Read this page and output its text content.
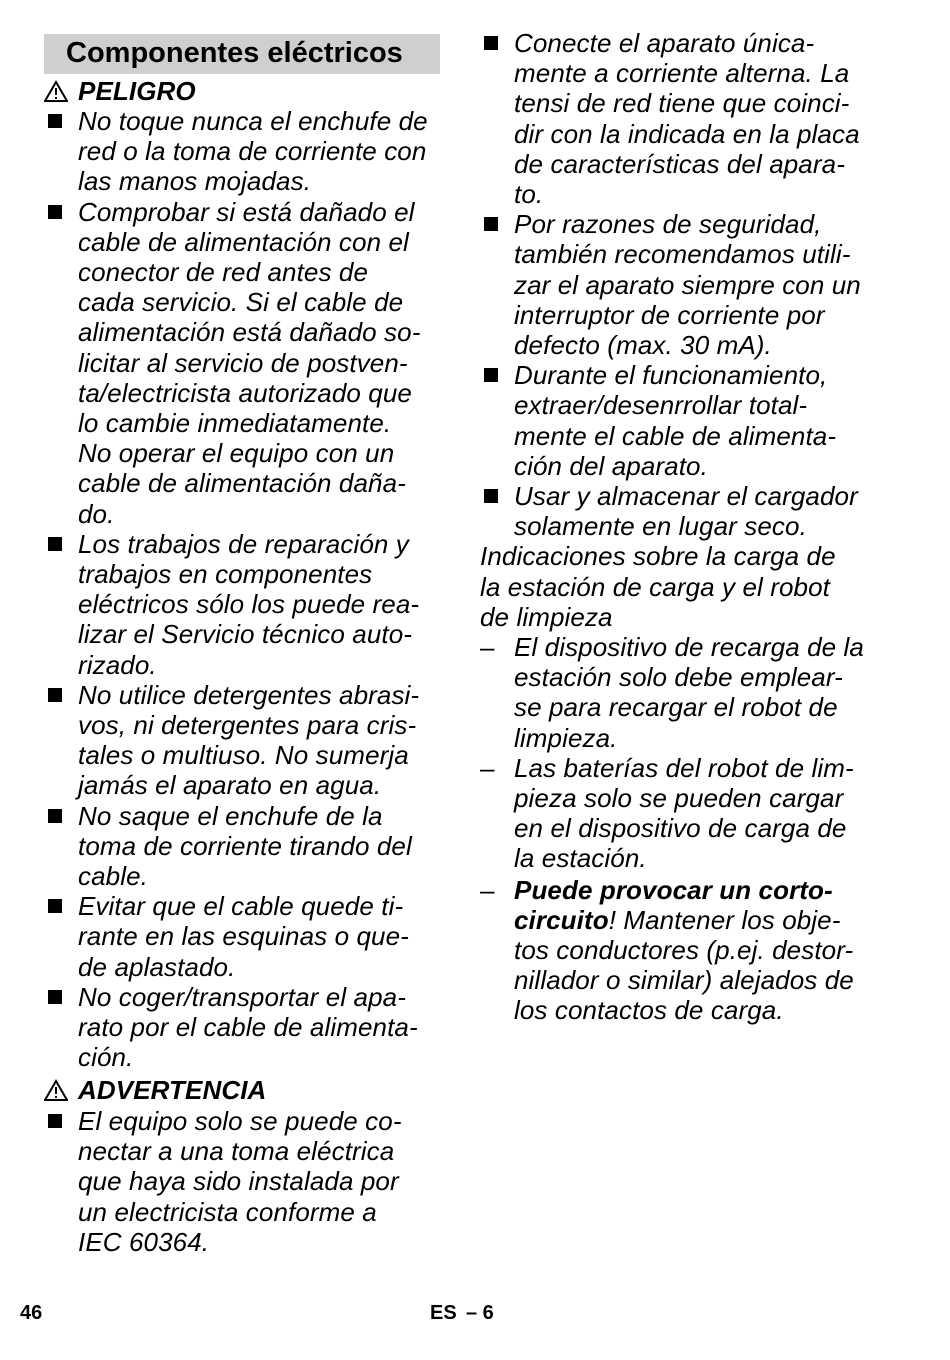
Componentes eléctricos
PELIGRO
No toque nunca el enchufe de
red o la toma de corriente con
las manos mojadas.
Comprobar si está dañado el
cable de alimentación con el
conector de red antes de
cada servicio. Si el cable de
alimentación está dañado so-
licitar al servicio de postven-
ta/electricista autorizado que
lo cambie inmediatamente.
No operar el equipo con un
cable de alimentación daña-
do.
Los trabajos de reparación y
trabajos en componentes
eléctricos sólo los puede rea-
lizar el Servicio técnico auto-
rizado.
No utilice detergentes abrasi-
vos, ni detergentes para cris-
tales o multiuso. No sumerja
jamás el aparato en agua.
No saque el enchufe de la
toma de corriente tirando del
cable.
Evitar que el cable quede ti-
rante en las esquinas o que-
de aplastado.
No coger/transportar el apa-
rato por el cable de alimenta-
ción.
ADVERTENCIA
El equipo solo se puede co-
nectar a una toma eléctrica
que haya sido instalada por
un electricista conforme a
IEC 60364.
Conecte el aparato única-
mente a corriente alterna. La
tensi de red tiene que coinci-
dir con la indicada en la placa
de características del apara-
to.
Por razones de seguridad,
también recomendamos utili-
zar el aparato siempre con un
interruptor de corriente por
defecto (max. 30 mA).
Durante el funcionamiento,
extraer/desenrrollar total-
mente el cable de alimenta-
ción del aparato.
Usar y almacenar el cargador
solamente en lugar seco.
Indicaciones sobre la carga de
la estación de carga y el robot
de limpieza
– El dispositivo de recarga de la
estación solo debe emplear-
se para recargar el robot de
limpieza.
– Las baterías del robot de lim-
pieza solo se pueden cargar
en el dispositivo de carga de
la estación.
– Puede provocar un corto-
circuito! Mantener los obje-
tos conductores (p.ej. destor-
nillador o similar) alejados de
los contactos de carga.
46	ES – 6
